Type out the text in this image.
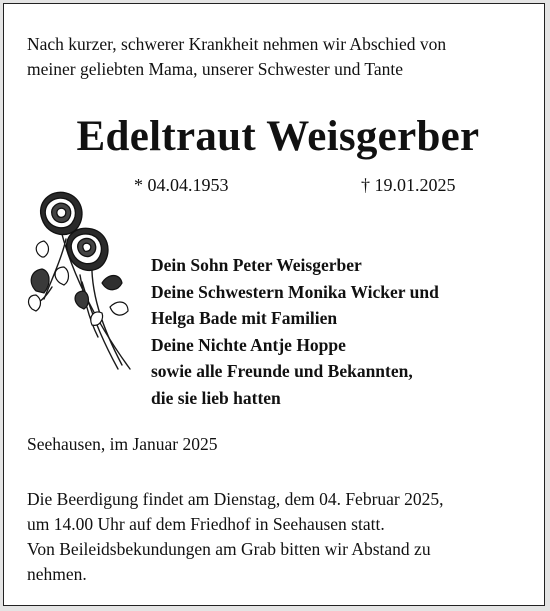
Nach kurzer, schwerer Krankheit nehmen wir Abschied von
meiner geliebten Mama, unserer Schwester und Tante

Edeltraut Weisgerber
* 04.04.1953	† 19.01.2025
Dein Sohn Peter Weisgerber
Deine Schwestern Monika Wicker und
Helga Bade mit Familien
Deine Nichte Antje Hoppe
sowie alle Freunde und Bekannten,
die sie lieb hatten

Seehausen, im Januar 2025

Die Beerdigung findet am Dienstag, dem 04. Februar 2025,
um 14.00 Uhr auf dem Friedhof in Seehausen statt.
Von Beileidsbekundungen am Grab bitten wir Abstand zu
nehmen.
